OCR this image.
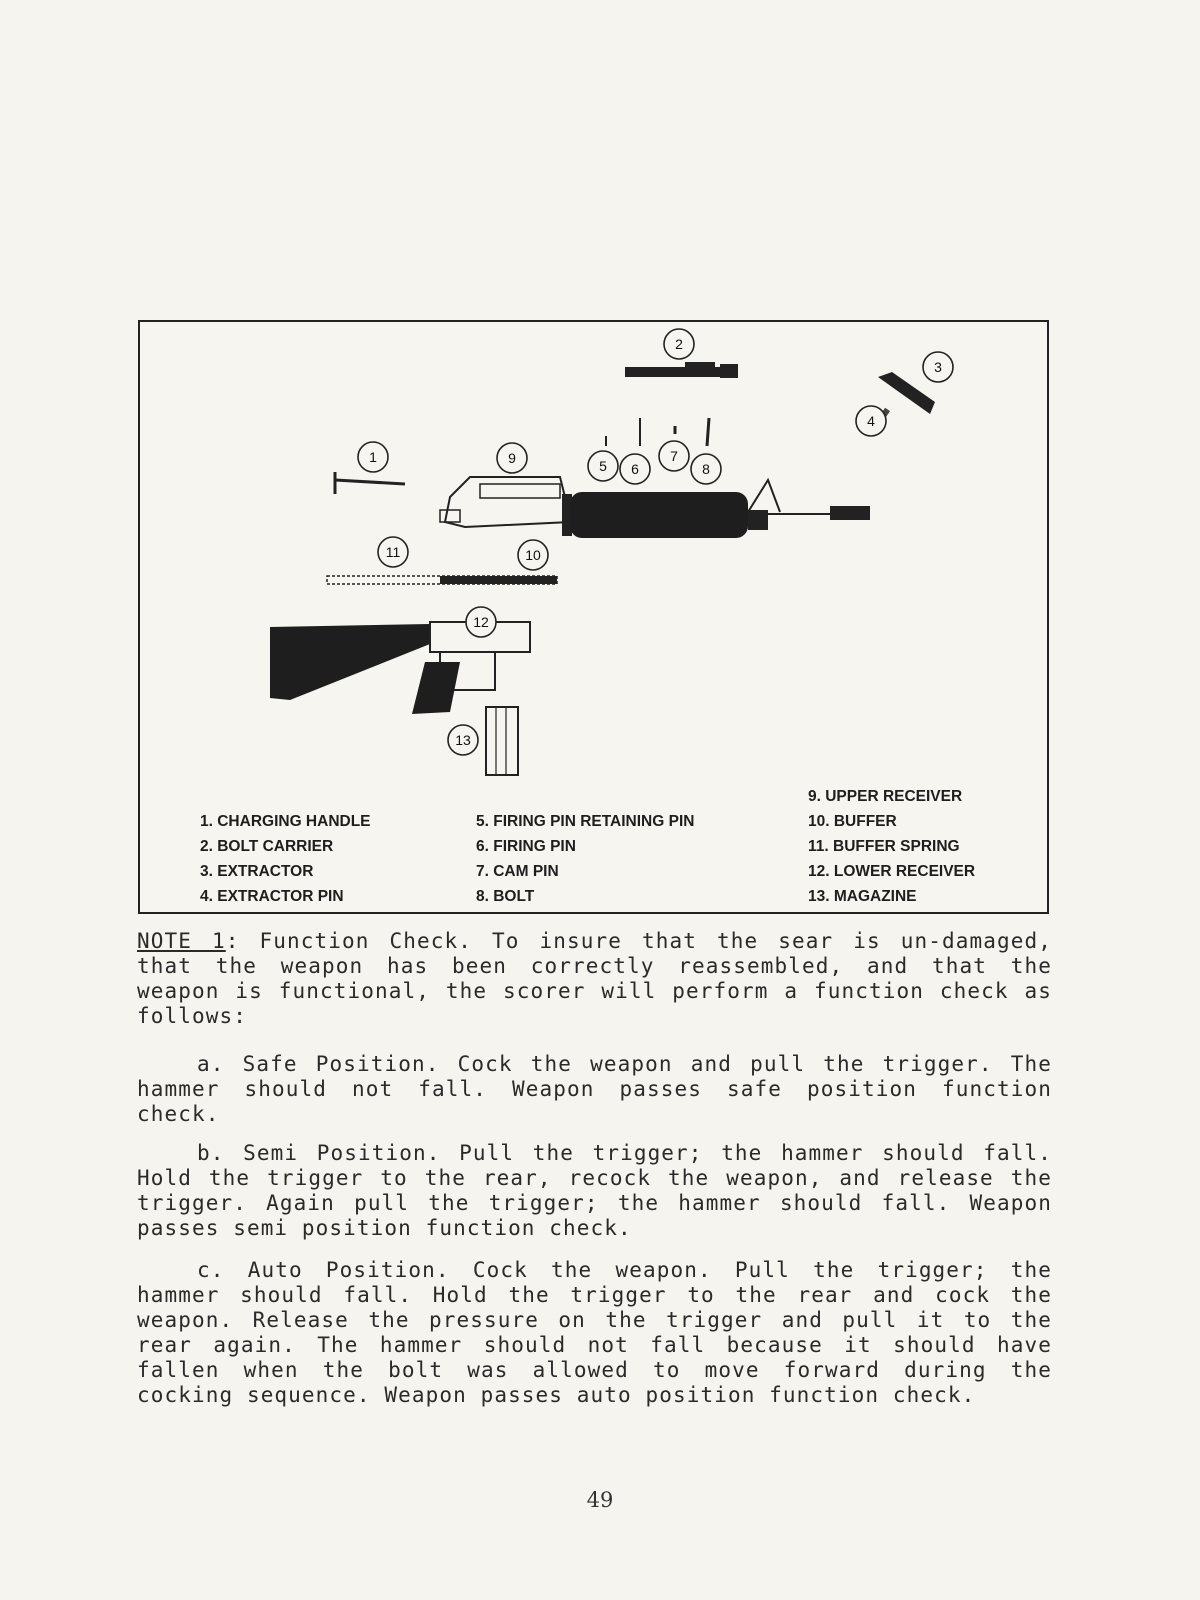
1
2
3
4
5 6
7
8
9
10
11
12
13
1. CHARGING HANDLE
2. BOLT CARRIER
3. EXTRACTOR
4. EXTRACTOR PIN
5. FIRING PIN RETAINING PIN
6. FIRING PIN
7. CAM PIN
8. BOLT
9. UPPER RECEIVER
10. BUFFER
11. BUFFER SPRING
12. LOWER RECEIVER
13. MAGAZINE
NOTE 1: Function Check. To insure that the sear is un-damaged, that the weapon has been correctly reassembled, and that the weapon is functional, the scorer will perform a function check as follows:
a. Safe Position. Cock the weapon and pull the trigger. The hammer should not fall. Weapon passes safe position function check.
b. Semi Position. Pull the trigger; the hammer should fall. Hold the trigger to the rear, recock the weapon, and release the trigger. Again pull the trigger; the hammer should fall. Weapon passes semi position function check.
c. Auto Position. Cock the weapon. Pull the trigger; the hammer should fall. Hold the trigger to the rear and cock the weapon. Release the pressure on the trigger and pull it to the rear again. The hammer should not fall because it should have fallen when the bolt was allowed to move forward during the cocking sequence. Weapon passes auto position function check.
49
